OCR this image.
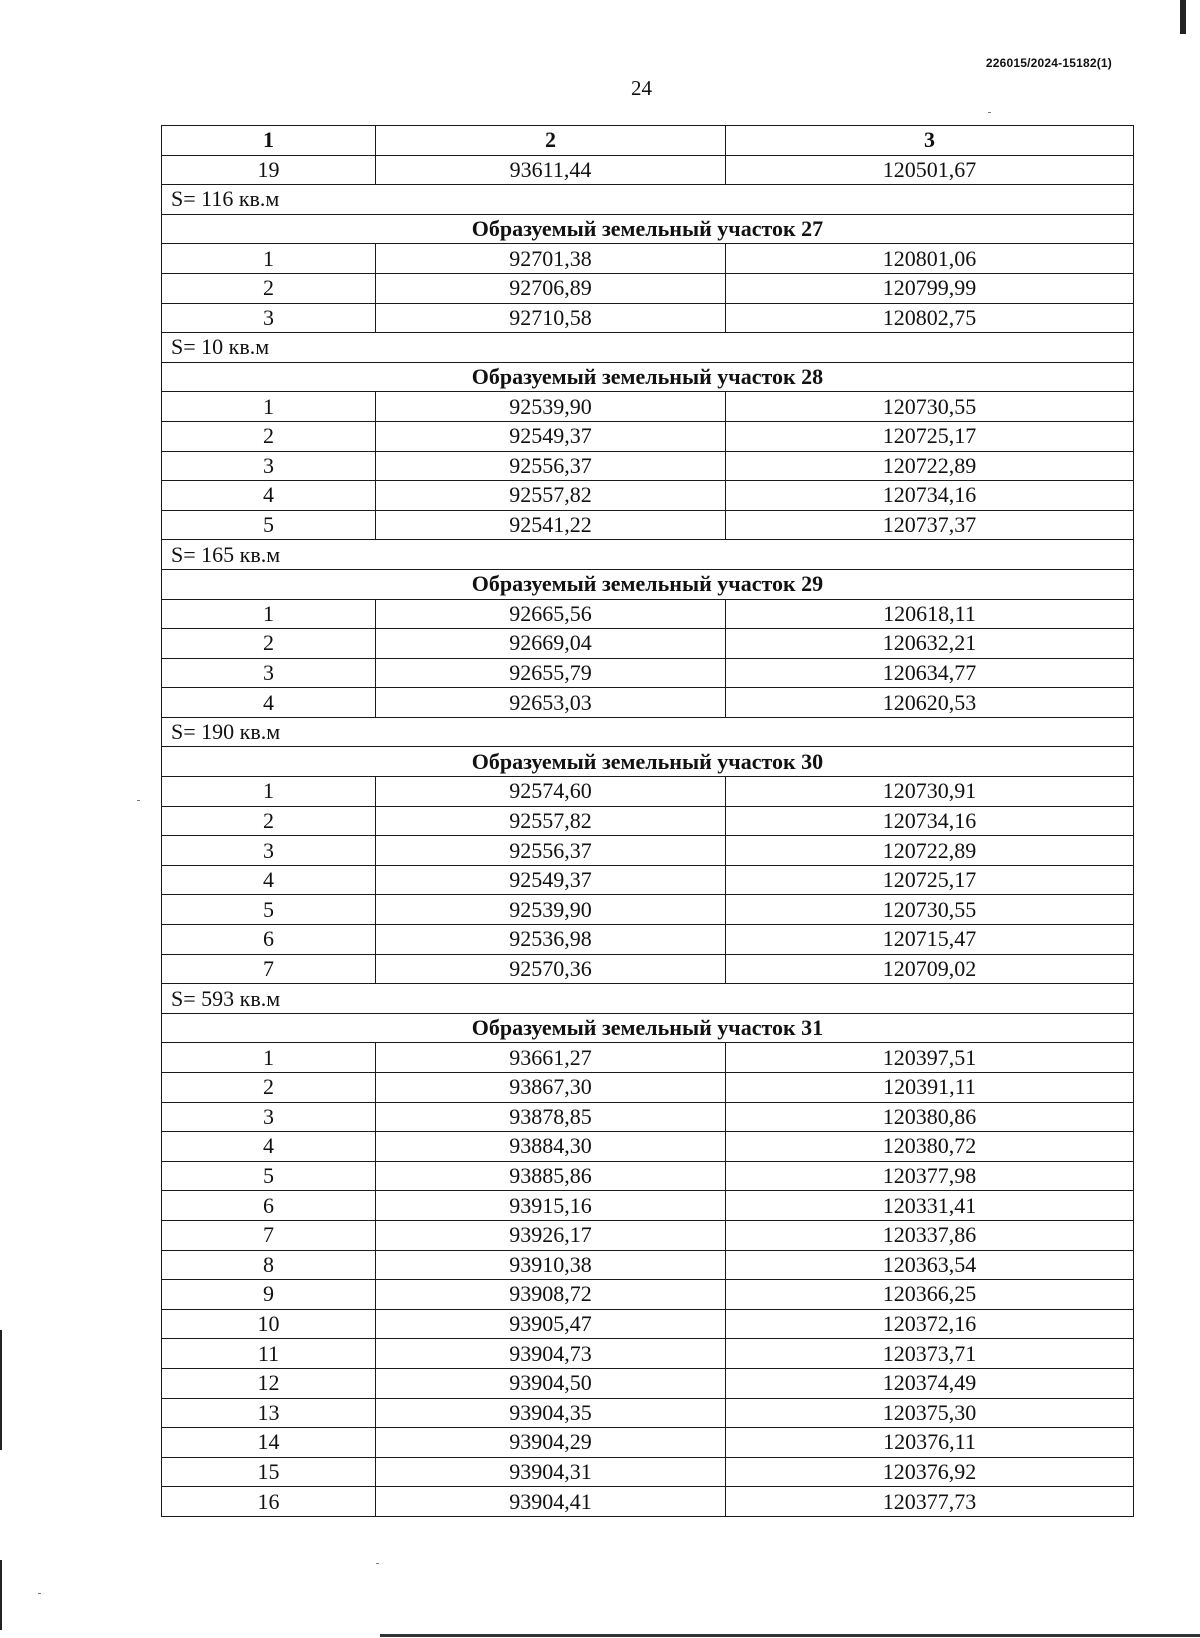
226015/2024-15182(1)
24
1	2	3
19	93611,44	120501,67
S= 116 кв.м		
Образуемый земельный участок 27		
1	92701,38	120801,06
2	92706,89	120799,99
3	92710,58	120802,75
S= 10 кв.м		
Образуемый земельный участок 28		
1	92539,90	120730,55
2	92549,37	120725,17
3	92556,37	120722,89
4	92557,82	120734,16
5	92541,22	120737,37
S= 165 кв.м		
Образуемый земельный участок 29		
1	92665,56	120618,11
2	92669,04	120632,21
3	92655,79	120634,77
4	92653,03	120620,53
S= 190 кв.м		
Образуемый земельный участок 30		
1	92574,60	120730,91
2	92557,82	120734,16
3	92556,37	120722,89
4	92549,37	120725,17
5	92539,90	120730,55
6	92536,98	120715,47
7	92570,36	120709,02
S= 593 кв.м		
Образуемый земельный участок 31		
1	93661,27	120397,51
2	93867,30	120391,11
3	93878,85	120380,86
4	93884,30	120380,72
5	93885,86	120377,98
6	93915,16	120331,41
7	93926,17	120337,86
8	93910,38	120363,54
9	93908,72	120366,25
10	93905,47	120372,16
11	93904,73	120373,71
12	93904,50	120374,49
13	93904,35	120375,30
14	93904,29	120376,11
15	93904,31	120376,92
16	93904,41	120377,73
